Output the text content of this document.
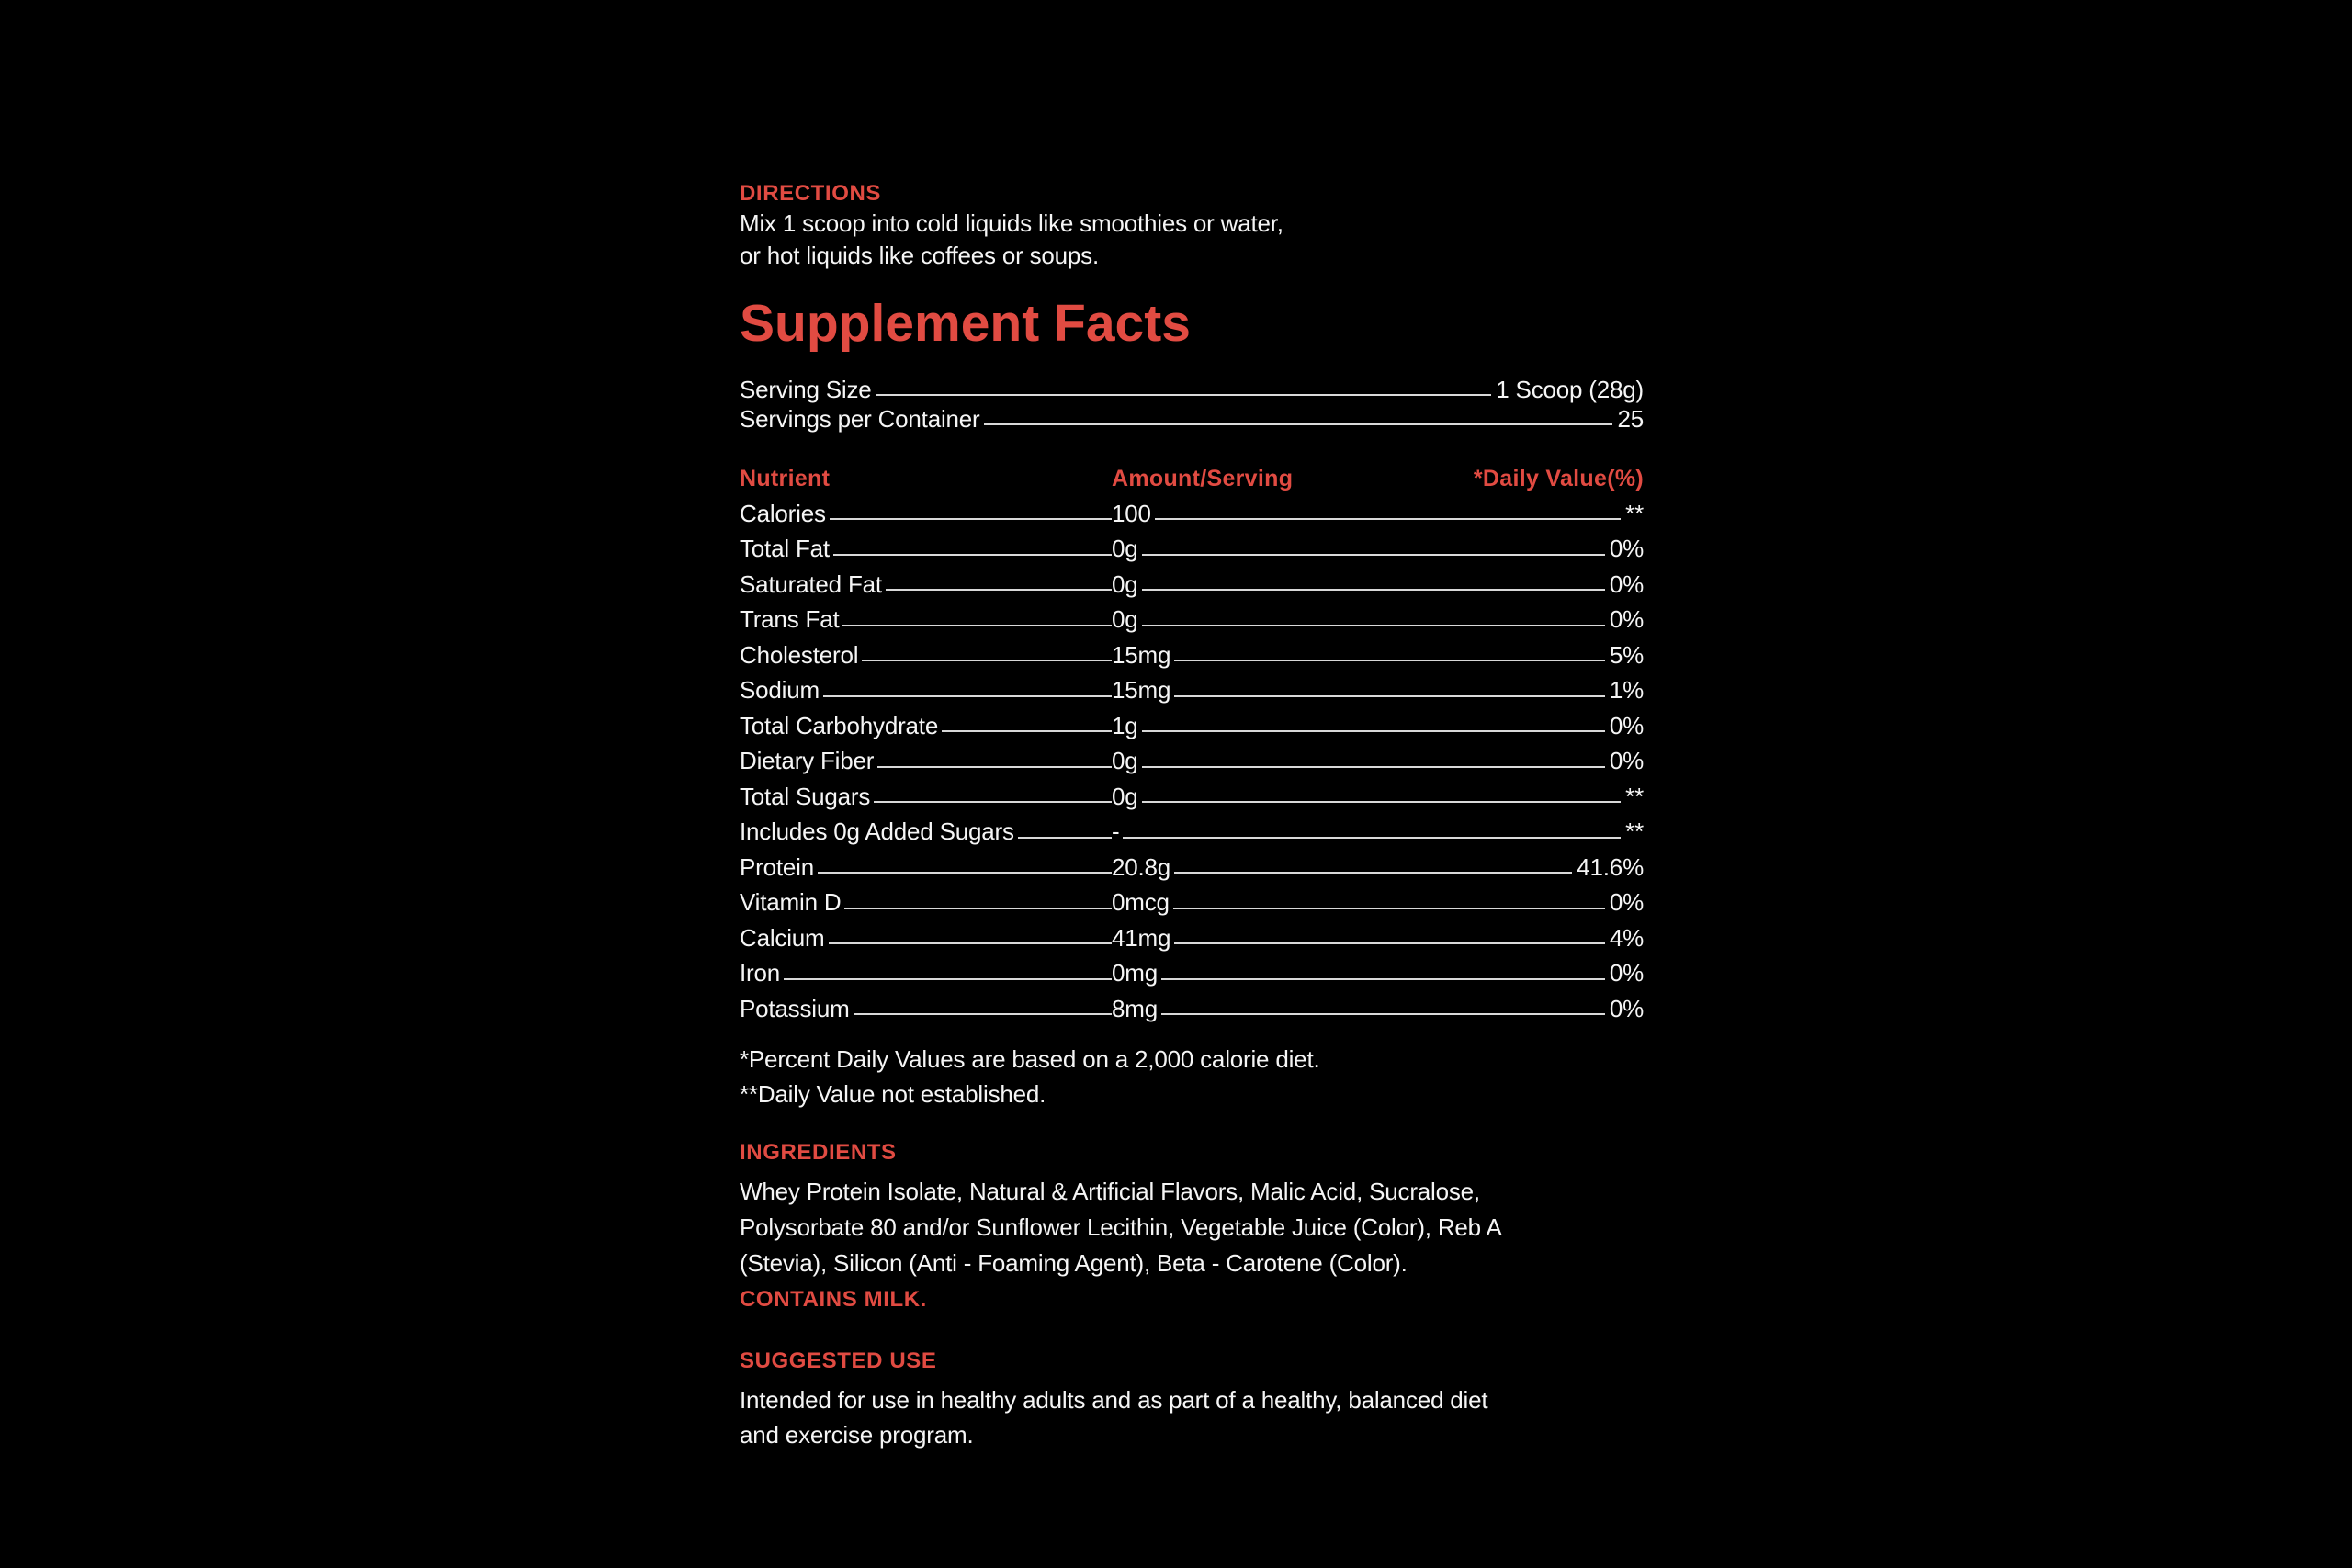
DIRECTIONS
Mix 1 scoop into cold liquids like smoothies or water,
or hot liquids like coffees or soups.
Supplement Facts
Serving Size	1 Scoop (28g)
Servings per Container	25
Nutrient	Amount/Serving	*Daily Value(%)
Calories	100	**
Total Fat	0g	0%
Saturated Fat	0g	0%
Trans Fat	0g	0%
Cholesterol	15mg	5%
Sodium	15mg	1%
Total Carbohydrate	1g	0%
Dietary Fiber	0g	0%
Total Sugars	0g	**
Includes 0g Added Sugars	-	**
Protein	20.8g	41.6%
Vitamin D	0mcg	0%
Calcium	41mg	4%
Iron	0mg	0%
Potassium	8mg	0%
*Percent Daily Values are based on a 2,000 calorie diet.
**Daily Value not established.
INGREDIENTS
Whey Protein Isolate, Natural & Artificial Flavors, Malic Acid, Sucralose,
Polysorbate 80 and/or Sunflower Lecithin, Vegetable Juice (Color), Reb A
(Stevia), Silicon (Anti - Foaming Agent), Beta - Carotene (Color).
CONTAINS MILK.
SUGGESTED USE
Intended for use in healthy adults and as part of a healthy, balanced diet
and exercise program.
